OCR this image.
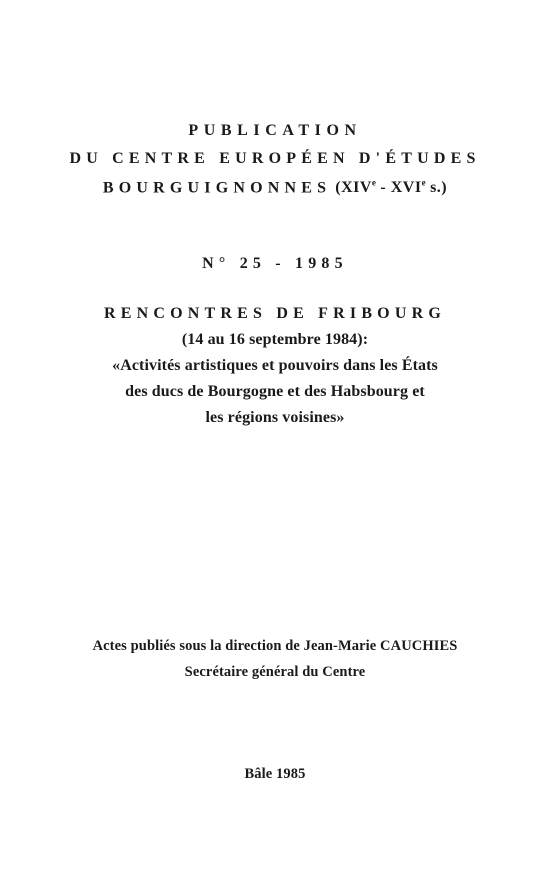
PUBLICATION
DU CENTRE EUROPÉEN D'ÉTUDES
BOURGUIGNONNES (XIVe - XVIe s.)
N° 25 - 1985
RENCONTRES DE FRIBOURG
(14 au 16 septembre 1984):
«Activités artistiques et pouvoirs dans les États
des ducs de Bourgogne et des Habsbourg et
les régions voisines»
Actes publiés sous la direction de Jean-Marie CAUCHIES
Secrétaire général du Centre
Bâle 1985
